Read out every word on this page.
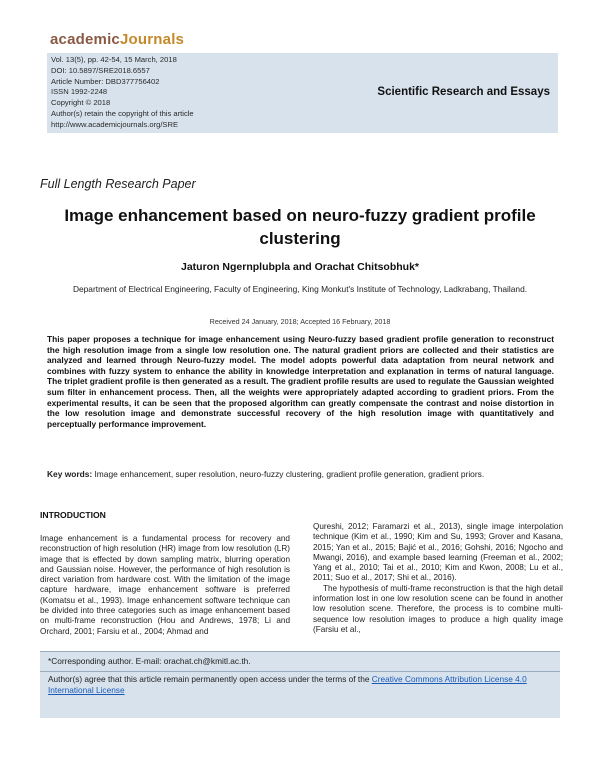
academicJournals
Vol. 13(5), pp. 42-54, 15 March, 2018
DOI: 10.5897/SRE2018.6557
Article Number: DBD377756402
ISSN 1992-2248
Copyright © 2018
Author(s) retain the copyright of this article
http://www.academicjournals.org/SRE
Scientific Research and Essays
Full Length Research Paper
Image enhancement based on neuro-fuzzy gradient profile clustering
Jaturon Ngernplubpla and Orachat Chitsobhuk*
Department of Electrical Engineering, Faculty of Engineering, King Monkut's Institute of Technology, Ladkrabang, Thailand.
Received 24 January, 2018; Accepted 16 February, 2018

This paper proposes a technique for image enhancement using Neuro-fuzzy based gradient profile generation to reconstruct the high resolution image from a single low resolution one. The natural gradient priors are collected and their statistics are analyzed and learned through Neuro-fuzzy model. The model adopts powerful data adaptation from neural network and combines with fuzzy system to enhance the ability in knowledge interpretation and explanation in terms of natural language. The triplet gradient profile is then generated as a result. The gradient profile results are used to regulate the Gaussian weighted sum filter in enhancement process. Then, all the weights were appropriately adapted according to gradient priors. From the experimental results, it can be seen that the proposed algorithm can greatly compensate the contrast and noise distortion in the low resolution image and demonstrate successful recovery of the high resolution image with quantitatively and perceptually performance improvement.

Key words: Image enhancement, super resolution, neuro-fuzzy clustering, gradient profile generation, gradient priors.
INTRODUCTION

Image enhancement is a fundamental process for recovery and reconstruction of high resolution (HR) image from low resolution (LR) image that is effected by down sampling matrix, blurring operation and Gaussian noise. However, the performance of high resolution is direct variation from hardware cost. With the limitation of the image capture hardware, image enhancement software is preferred (Komatsu et al., 1993). Image enhancement software technique can be divided into three categories such as image enhancement based on multi-frame reconstruction (Hou and Andrews, 1978; Li and Orchard, 2001; Farsiu et al., 2004; Ahmad and

Qureshi, 2012; Faramarzi et al., 2013), single image interpolation technique (Kim et al., 1990; Kim and Su, 1993; Grover and Kasana, 2015; Yan et al., 2015; Bajić et al., 2016; Gohshi, 2016; Ngocho and Mwangi, 2016), and example based learning (Freeman et al., 2002; Yang et al., 2010; Tai et al., 2010; Kim and Kwon, 2008; Lu et al., 2011; Suo et al., 2017; Shi et al., 2016).

The hypothesis of multi-frame reconstruction is that the high detail information lost in one low resolution scene can be found in another low resolution scene. Therefore, the process is to combine multi-sequence low resolution images to produce a high quality image (Farsiu et al.,

*Corresponding author. E-mail: orachat.ch@kmitl.ac.th.
Author(s) agree that this article remain permanently open access under the terms of the Creative Commons Attribution License 4.0 International License
